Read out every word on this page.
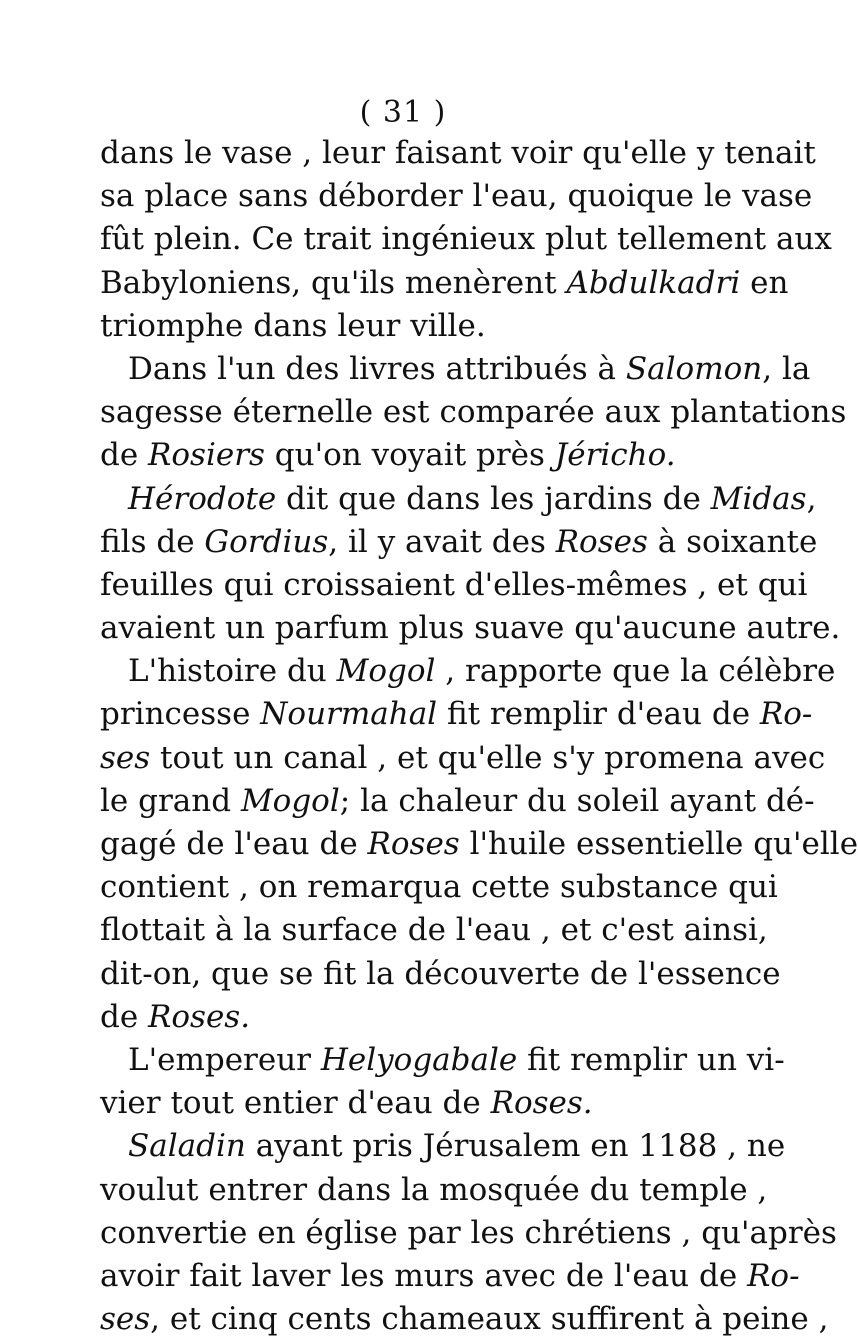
( 31 )
dans le vase , leur faisant voir qu'elle y tenait
sa place sans déborder l'eau, quoique le vase
fût plein. Ce trait ingénieux plut tellement aux
Babyloniens, qu'ils menèrent Abdulkadri en
triomphe dans leur ville.
Dans l'un des livres attribués à Salomon, la
sagesse éternelle est comparée aux plantations
de Rosiers qu'on voyait près Jéricho.
Hérodote dit que dans les jardins de Midas,
fils de Gordius, il y avait des Roses à soixante
feuilles qui croissaient d'elles-mêmes , et qui
avaient un parfum plus suave qu'aucune autre.
L'histoire du Mogol , rapporte que la célèbre
princesse Nourmahal fit remplir d'eau de Ro-
ses tout un canal , et qu'elle s'y promena avec
le grand Mogol; la chaleur du soleil ayant dé-
gagé de l'eau de Roses l'huile essentielle qu'elle
contient , on remarqua cette substance qui
flottait à la surface de l'eau , et c'est ainsi,
dit-on, que se fit la découverte de l'essence
de Roses.
L'empereur Helyogabale fit remplir un vi-
vier tout entier d'eau de Roses.
Saladin ayant pris Jérusalem en 1188 , ne
voulut entrer dans la mosquée du temple ,
convertie en église par les chrétiens , qu'après
avoir fait laver les murs avec de l'eau de Ro-
ses, et cinq cents chameaux suffirent à peine ,
